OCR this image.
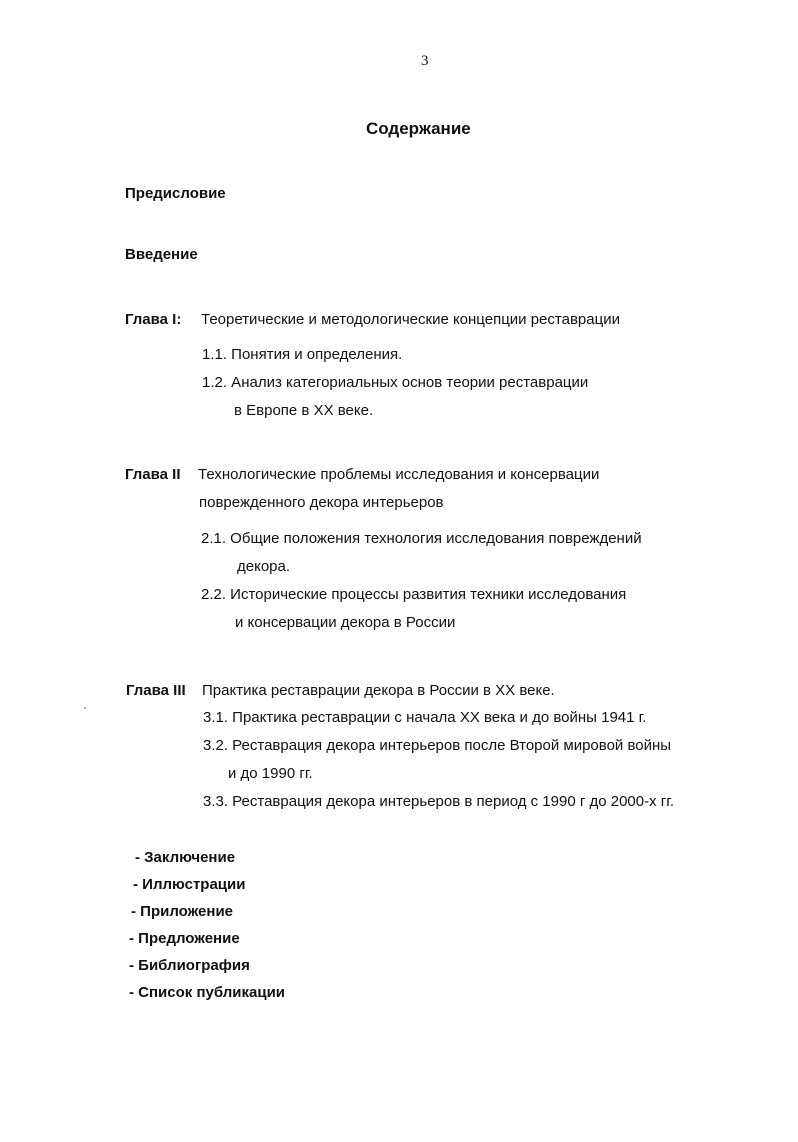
3
Содержание
Предисловие
Введение
Глава I: Теоретические и методологические концепции реставрации
1.1. Понятия и определения.
1.2. Анализ категориальных основ теории реставрации
в Европе в XX веке.
Глава II Технологические проблемы исследования и консервации
поврежденного декора интерьеров
2.1. Общие положения технология исследования повреждений
декора.
2.2. Исторические процессы развития техники исследования
и консервации декора в России
Глава III Практика реставрации декора в России в XX веке.
3.1. Практика реставрации с начала XX века и до войны 1941 г.
3.2. Реставрация декора интерьеров после Второй мировой войны
и до 1990 гг.
3.3. Реставрация декора интерьеров в период с 1990 г до 2000-х гг.
- Заключение
- Иллюстрации
- Приложение
- Предложение
- Библиография
- Список публикации
